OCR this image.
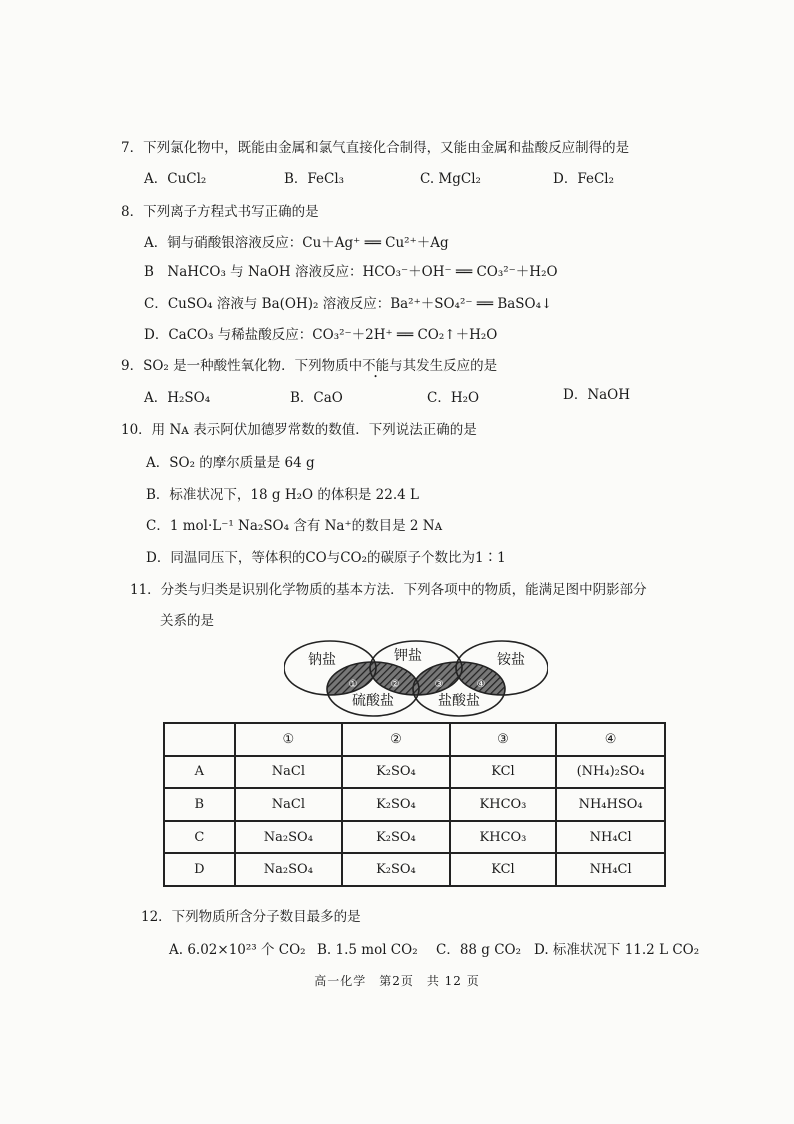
7．下列氯化物中，既能由金属和氯气直接化合制得，又能由金属和盐酸反应制得的是
A．CuCl₂	B．FeCl₃	C. MgCl₂	D．FeCl₂
8．下列离子方程式书写正确的是
A．铜与硝酸银溶液反应：Cu＋Ag⁺ ══ Cu²⁺＋Ag
B　NaHCO₃ 与 NaOH 溶液反应：HCO₃⁻＋OH⁻ ══ CO₃²⁻＋H₂O
C．CuSO₄ 溶液与 Ba(OH)₂ 溶液反应：Ba²⁺＋SO₄²⁻ ══ BaSO₄↓
D．CaCO₃ 与稀盐酸反应：CO₃²⁻＋2H⁺ ══ CO₂↑＋H₂O
9．SO₂ 是一种酸性氧化物．下列物质中不能与其发生反应的是
A．H₂SO₄	B．CaO	C．H₂O	D．NaOH
10．用 Nᴀ 表示阿伏加德罗常数的数值．下列说法正确的是
A．SO₂ 的摩尔质量是 64 g
B．标准状况下，18 g H₂O 的体积是 22.4 L
C．1 mol·L⁻¹ Na₂SO₄ 含有 Na⁺的数目是 2 Nᴀ
D．同温同压下，等体积的CO与CO₂的碳原子个数比为1∶1
11．分类与归类是识别化学物质的基本方法．下列各项中的物质，能满足图中阴影部分
关系的是
钠盐	钾盐	铵盐
硫酸盐	盐酸盐
①	②	③	④
	①	②	③	④
A	NaCl	K₂SO₄	KCl	(NH₄)₂SO₄
B	NaCl	K₂SO₄	KHCO₃	NH₄HSO₄
C	Na₂SO₄	K₂SO₄	KHCO₃	NH₄Cl
D	Na₂SO₄	K₂SO₄	KCl	NH₄Cl
12．下列物质所含分子数目最多的是
A. 6.02×10²³ 个 CO₂ B. 1.5 mol CO₂ C．88 g CO₂ D. 标准状况下 11.2 L CO₂
高一化学　第2页　共 12 页
